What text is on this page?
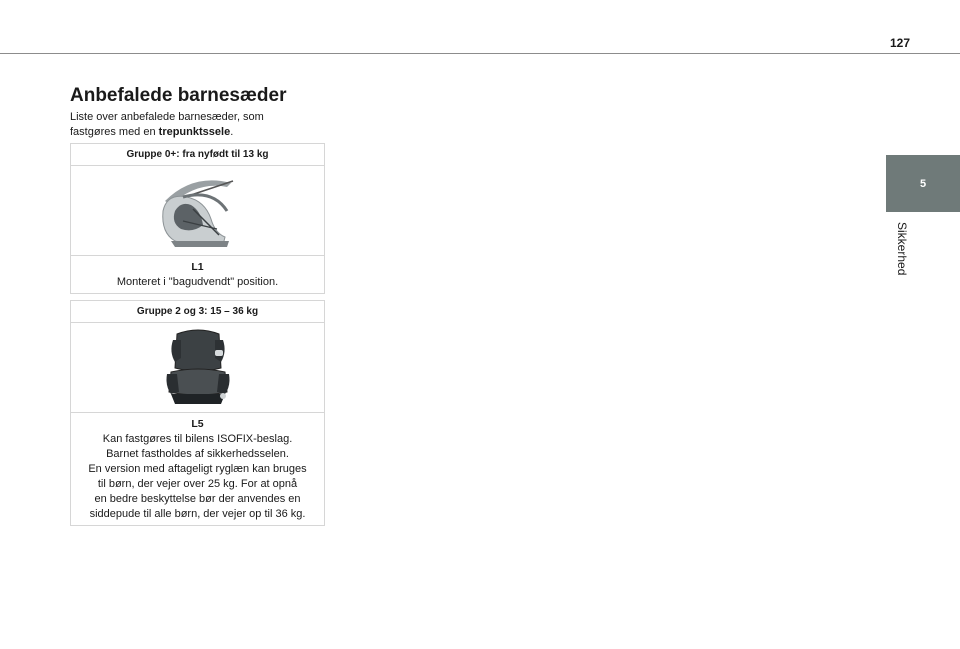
127
5
Sikkerhed
Anbefalede barnesæder
Liste over anbefalede barnesæder, som fastgøres med en trepunktssele.
Gruppe 0+: fra nyfødt til 13 kg
L1
Monteret i "bagudvendt" position.
Gruppe 2 og 3: 15 – 36 kg
L5
Kan fastgøres til bilens ISOFIX-beslag.
Barnet fastholdes af sikkerhedsselen.
En version med aftageligt ryglæn kan bruges
til børn, der vejer over 25 kg. For at opnå
en bedre beskyttelse bør der anvendes en
siddepude til alle børn, der vejer op til 36 kg.
